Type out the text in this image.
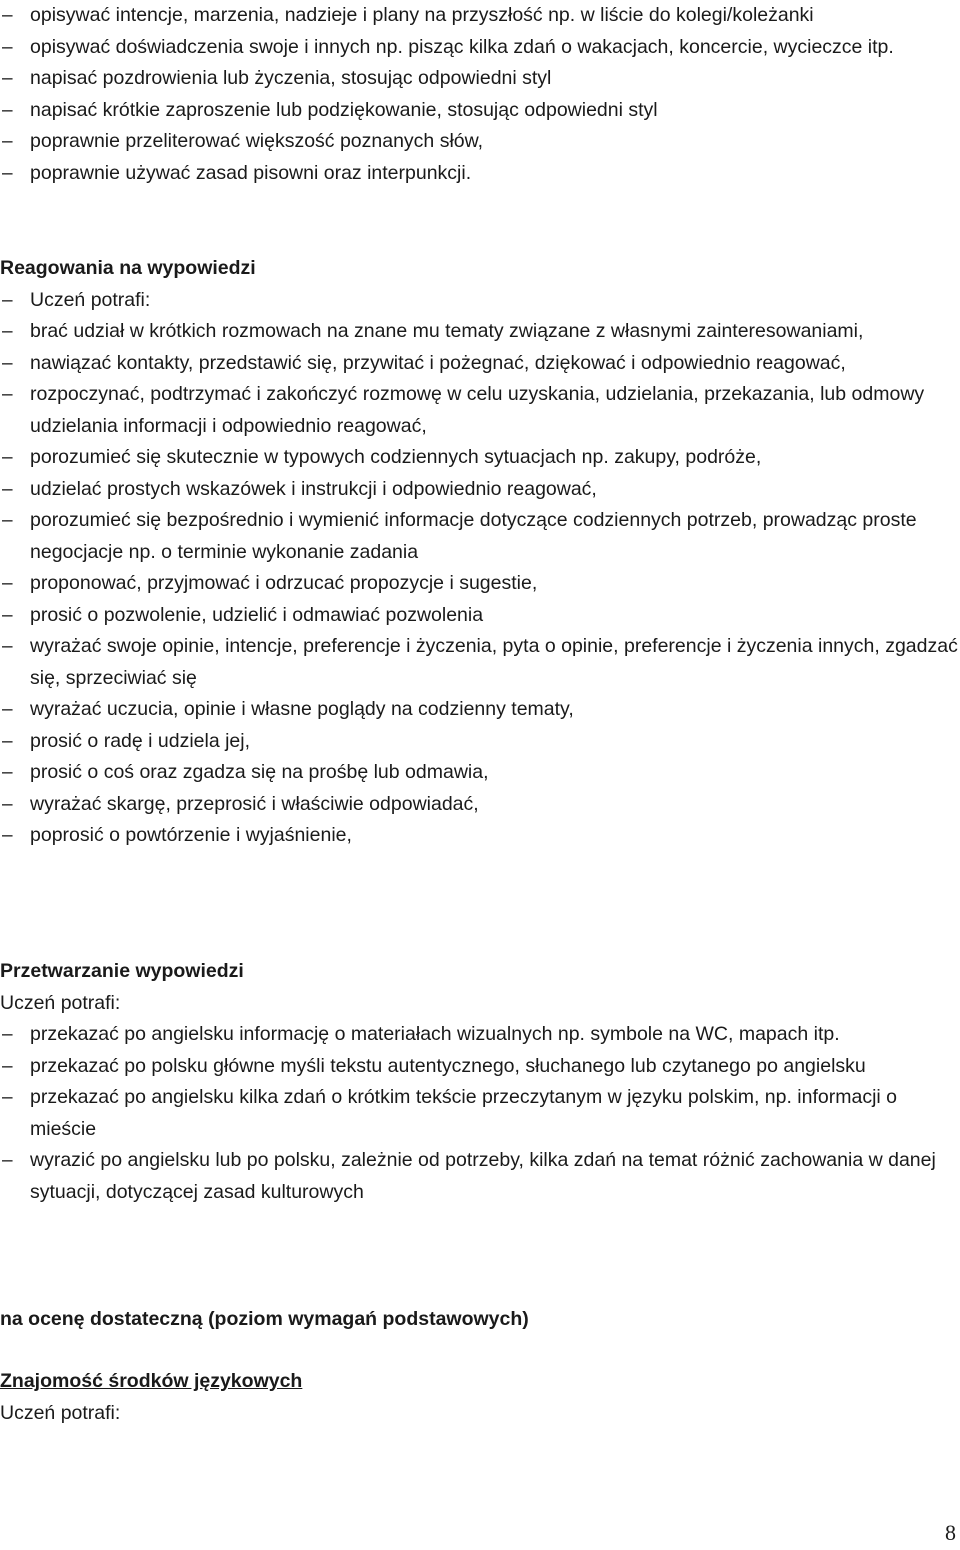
– opisywać intencje, marzenia, nadzieje i plany na przyszłość np. w liście do kolegi/koleżanki

– opisywać doświadczenia swoje i innych np. pisząc kilka zdań o wakacjach, koncercie, wycieczce itp.

– napisać pozdrowienia lub życzenia, stosując odpowiedni styl

– napisać krótkie zaproszenie lub podziękowanie, stosując odpowiedni styl

– poprawnie przeliterować większość poznanych słów,

– poprawnie używać zasad pisowni oraz interpunkcji.

Reagowania na wypowiedzi

– Uczeń potrafi:

– brać udział w krótkich rozmowach na znane mu tematy związane z własnymi zainteresowaniami,

– nawiązać kontakty, przedstawić się, przywitać i pożegnać, dziękować i odpowiednio reagować,

– rozpoczynać, podtrzymać i zakończyć rozmowę w celu uzyskania, udzielania, przekazania, lub odmowy udzielania informacji i odpowiednio reagować,

– porozumieć się skutecznie w typowych codziennych sytuacjach np. zakupy, podróże,

– udzielać prostych wskazówek i instrukcji i odpowiednio reagować,

– porozumieć się bezpośrednio i wymienić informacje dotyczące codziennych potrzeb, prowadząc proste negocjacje np. o terminie wykonanie zadania

– proponować, przyjmować i odrzucać propozycje i sugestie,

– prosić o pozwolenie, udzielić i odmawiać pozwolenia

– wyrażać swoje opinie, intencje, preferencje i życzenia, pyta o opinie, preferencje i życzenia innych, zgadzać się, sprzeciwiać się

– wyrażać uczucia, opinie i własne poglądy na codzienny tematy,

– prosić o radę i udziela jej,

– prosić o coś oraz zgadza się na prośbę lub odmawia,

– wyrażać skargę, przeprosić i właściwie odpowiadać,

– poprosić o powtórzenie i wyjaśnienie,

Przetwarzanie wypowiedzi

Uczeń potrafi:

– przekazać po angielsku informację o materiałach wizualnych np. symbole na WC, mapach itp.

– przekazać po polsku główne myśli tekstu autentycznego, słuchanego lub czytanego po angielsku

– przekazać po angielsku kilka zdań o krótkim tekście przeczytanym w języku polskim, np. informacji o mieście

– wyrazić po angielsku lub po polsku, zależnie od potrzeby, kilka zdań na temat różnić zachowania w danej sytuacji, dotyczącej zasad kulturowych

na ocenę dostateczną (poziom wymagań podstawowych)

Znajomość środków językowych

Uczeń potrafi:

8
